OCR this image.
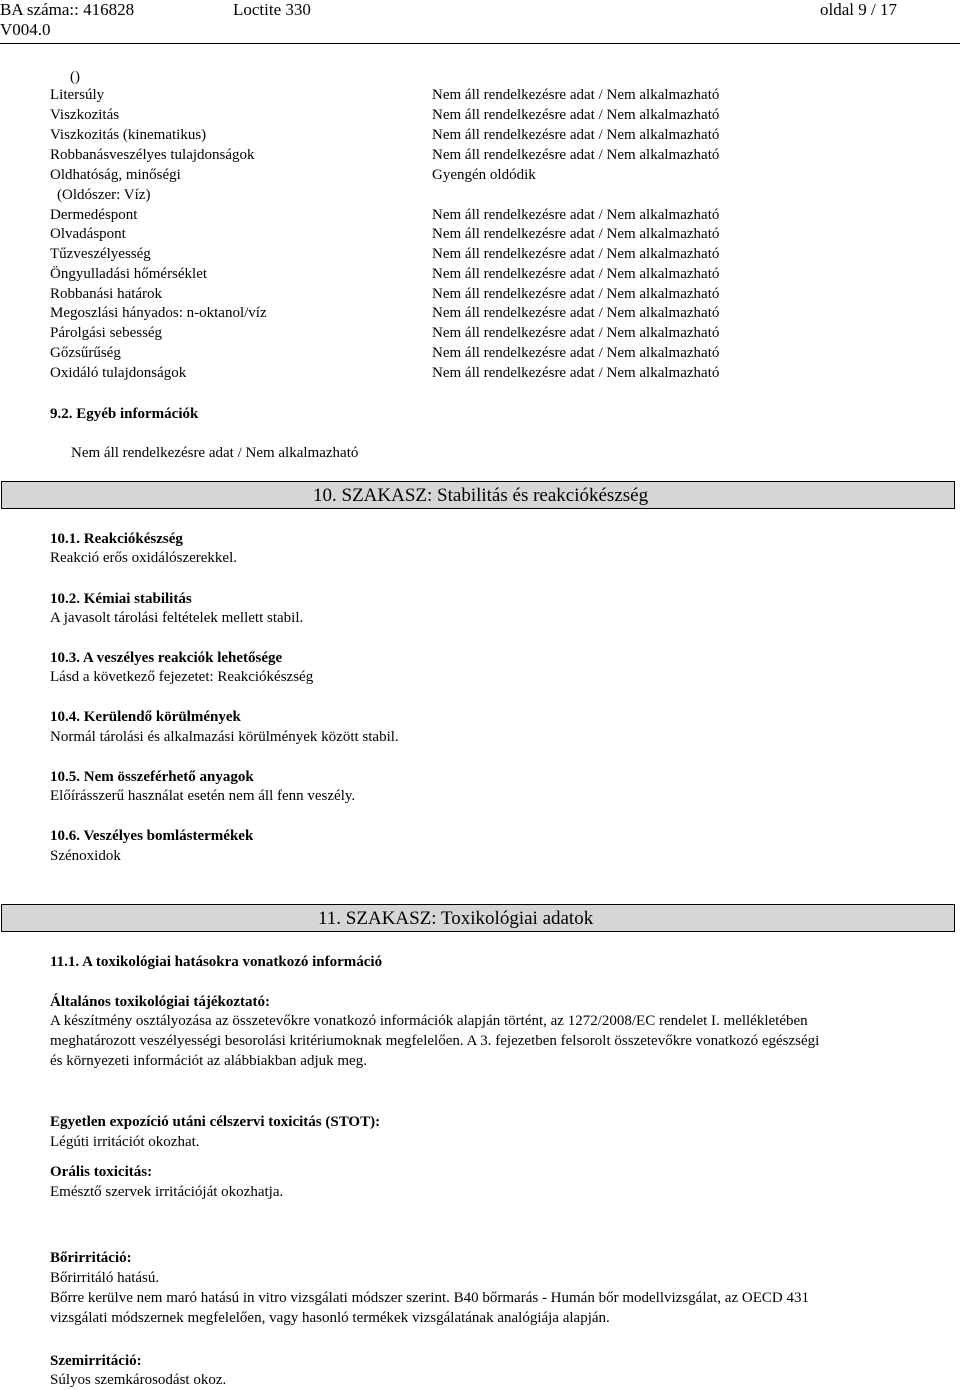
BA száma:: 416828	Loctite 330	oldal 9 / 17
V004.0
()
Litersúly
Viszkozitás
Viszkozitás (kinematikus)
Robbanásveszélyes tulajdonságok
Oldhatóság, minőségi
(Oldószer: Víz)
Dermedéspont
Olvadáspont
Tűzveszélyesség
Öngyulladási hőmérséklet
Robbanási határok
Megoszlási hányados: n-oktanol/víz
Párolgási sebesség
Gőzsűrűség
Oxidáló tulajdonságok
Nem áll rendelkezésre adat / Nem alkalmazható
Nem áll rendelkezésre adat / Nem alkalmazható
Nem áll rendelkezésre adat / Nem alkalmazható
Nem áll rendelkezésre adat / Nem alkalmazható
Gyengén oldódik
Nem áll rendelkezésre adat / Nem alkalmazható
Nem áll rendelkezésre adat / Nem alkalmazható
Nem áll rendelkezésre adat / Nem alkalmazható
Nem áll rendelkezésre adat / Nem alkalmazható
Nem áll rendelkezésre adat / Nem alkalmazható
Nem áll rendelkezésre adat / Nem alkalmazható
Nem áll rendelkezésre adat / Nem alkalmazható
Nem áll rendelkezésre adat / Nem alkalmazható
Nem áll rendelkezésre adat / Nem alkalmazható
9.2. Egyéb információk
Nem áll rendelkezésre adat / Nem alkalmazható
10. SZAKASZ: Stabilitás és reakciókészség
10.1. Reakciókészség
Reakció erős oxidálószerekkel.
10.2. Kémiai stabilitás
A javasolt tárolási feltételek mellett stabil.
10.3. A veszélyes reakciók lehetősége
Lásd a következő fejezetet: Reakciókészség
10.4. Kerülendő körülmények
Normál tárolási és alkalmazási körülmények között stabil.
10.5. Nem összeférhető anyagok
Előírásszerű használat esetén nem áll fenn veszély.
10.6. Veszélyes bomlástermékek
Szénoxidok
11. SZAKASZ: Toxikológiai adatok
11.1. A toxikológiai hatásokra vonatkozó információ
Általános toxikológiai tájékoztató:
A készítmény osztályozása az összetevőkre vonatkozó információk alapján történt, az 1272/2008/EC rendelet I. mellékletében
meghatározott veszélyességi besorolási kritériumoknak megfelelően. A 3. fejezetben felsorolt összetevőkre vonatkozó egészségi
és környezeti információt az alábbiakban adjuk meg.
Egyetlen expozíció utáni célszervi toxicitás (STOT):
Légúti irritációt okozhat.
Orális toxicitás:
Emésztő szervek irritációját okozhatja.
Bőrirritáció:
Bőrirritáló hatású.
Bőrre kerülve nem maró hatású in vitro vizsgálati módszer szerint. B40 bőrmarás - Humán bőr modellvizsgálat, az OECD 431
vizsgálati módszernek megfelelően, vagy hasonló termékek vizsgálatának analógiája alapján.
Szemirritáció:
Súlyos szemkárosodást okoz.
